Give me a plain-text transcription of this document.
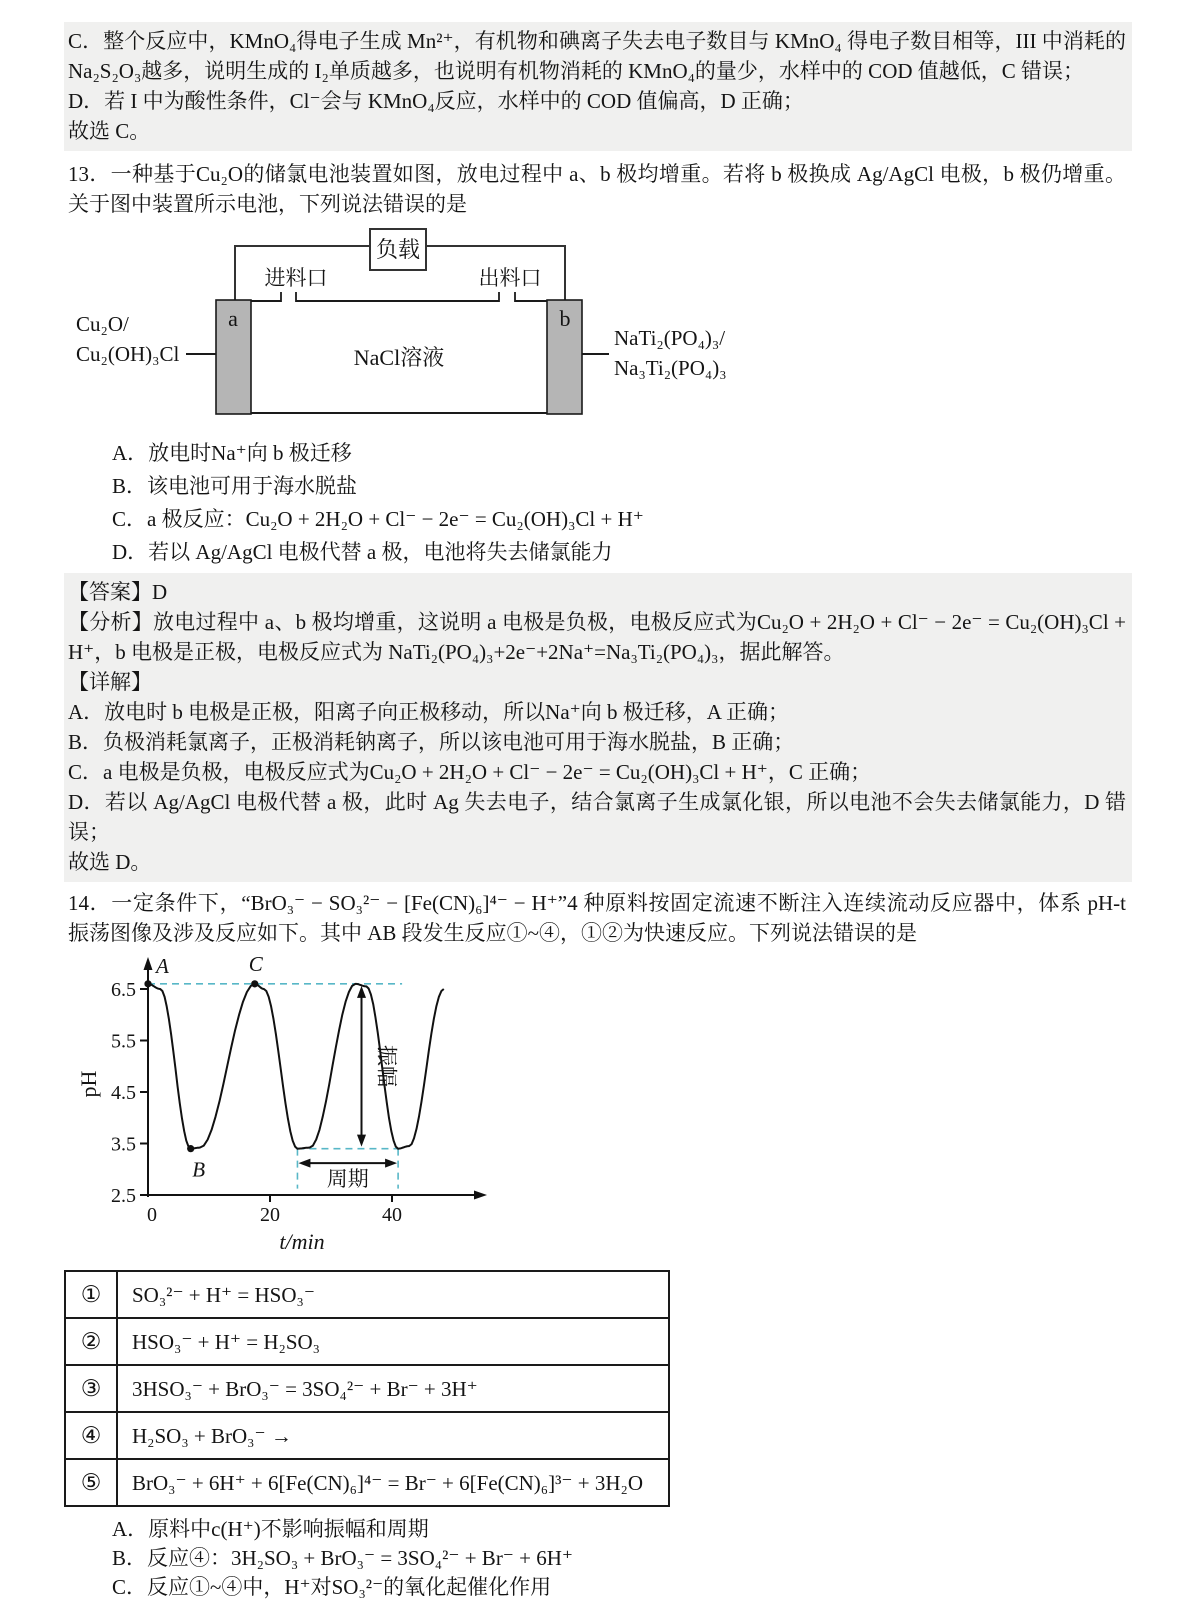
C．整个反应中，KMnO₄得电子生成 Mn²⁺，有机物和碘离子失去电子数目与 KMnO₄ 得电子数目相等，III 中消耗的 Na₂S₂O₃越多，说明生成的 I₂单质越多，也说明有机物消耗的 KMnO₄的量少，水样中的 COD 值越低，C 错误；

D．若 I 中为酸性条件，Cl⁻会与 KMnO₄反应，水样中的 COD 值偏高，D 正确；

故选 C。

13．一种基于Cu₂O的储氯电池装置如图，放电过程中 a、b 极均增重。若将 b 极换成 Ag/AgCl 电极，b 极仍增重。关于图中装置所示电池，下列说法错误的是

负载
a	b
NaCl溶液
进料口	出料口
Cu₂O/
Cu₂(OH)₃Cl
NaTi₂(PO₄)₃/
Na₃Ti₂(PO₄)₃

A．放电时Na⁺向 b 极迁移

B．该电池可用于海水脱盐

C．a 极反应：Cu₂O + 2H₂O + Cl⁻ − 2e⁻ = Cu₂(OH)₃Cl + H⁺

D．若以 Ag/AgCl 电极代替 a 极，电池将失去储氯能力

【答案】D

【分析】放电过程中 a、b 极均增重，这说明 a 电极是负极，电极反应式为Cu₂O + 2H₂O + Cl⁻ − 2e⁻ = Cu₂(OH)₃Cl + H⁺，b 电极是正极，电极反应式为 NaTi₂(PO₄)₃+2e⁻+2Na⁺=Na₃Ti₂(PO₄)₃，据此解答。

【详解】

A．放电时 b 电极是正极，阳离子向正极移动，所以Na⁺向 b 极迁移，A 正确；

B．负极消耗氯离子，正极消耗钠离子，所以该电池可用于海水脱盐，B 正确；

C．a 电极是负极，电极反应式为Cu₂O + 2H₂O + Cl⁻ − 2e⁻ = Cu₂(OH)₃Cl + H⁺，C 正确；

D．若以 Ag/AgCl 电极代替 a 极，此时 Ag 失去电子，结合氯离子生成氯化银，所以电池不会失去储氯能力，D 错误；

故选 D。

14．一定条件下，“BrO₃⁻ − SO₃²⁻ − [Fe(CN)₆]⁴⁻ − H⁺”4 种原料按固定流速不断注入连续流动反应器中，体系 pH-t 振荡图像及涉及反应如下。其中 AB 段发生反应①~④，①②为快速反应。下列说法错误的是

2.5
3.5
4.5
5.5
6.5
0	20	40
pH
t/min
振幅
周期
A
B
C
①	SO₃²⁻ + H⁺ = HSO₃⁻
②	HSO₃⁻ + H⁺ = H₂SO₃
③	3HSO₃⁻ + BrO₃⁻ = 3SO₄²⁻ + Br⁻ + 3H⁺
④	H₂SO₃ + BrO₃⁻ →
⑤	BrO₃⁻ + 6H⁺ + 6[Fe(CN)₆]⁴⁻ = Br⁻ + 6[Fe(CN)₆]³⁻ + 3H₂O

A．原料中c(H⁺)不影响振幅和周期

B．反应④：3H₂SO₃ + BrO₃⁻ = 3SO₄²⁻ + Br⁻ + 6H⁺

C．反应①~④中，H⁺对SO₃²⁻的氧化起催化作用
